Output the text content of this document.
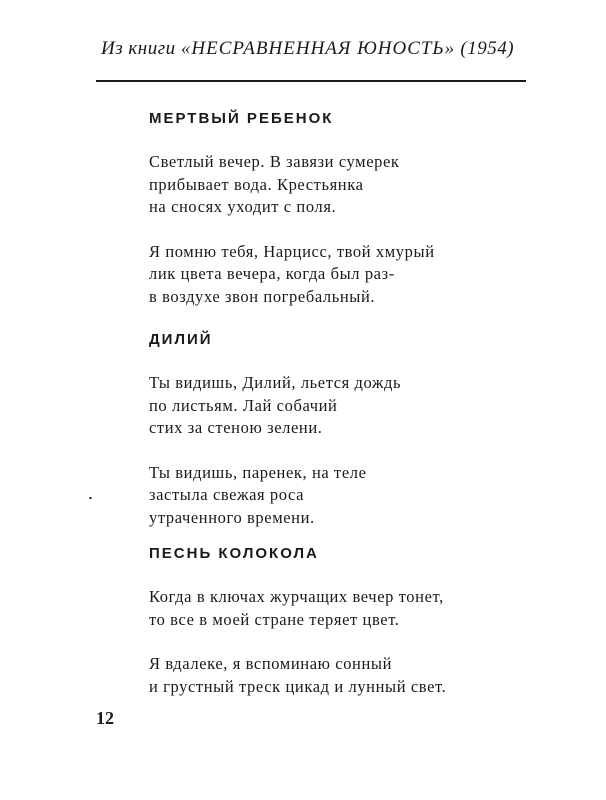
Из книги «НЕСРАВНЕННАЯ ЮНОСТЬ» (1954)
МЕРТВЫЙ РЕБЕНОК
Светлый вечер. В завязи сумерек
прибывает вода. Крестьянка
на сносях уходит с поля.
Я помню тебя, Нарцисс, твой хмурый
лик цвета вечера, когда был раз-
в воздухе звон погребальный.
ДИЛИЙ
Ты видишь, Дилий, льется дождь
по листьям. Лай собачий
стих за стеною зелени.
Ты видишь, паренек, на теле
застыла свежая роса
утраченного времени.
ПЕСНЬ КОЛОКОЛА
Когда в ключах журчащих вечер тонет,
то все в моей стране теряет цвет.
Я вдалеке, я вспоминаю сонный
и грустный треск цикад и лунный свет.
12
